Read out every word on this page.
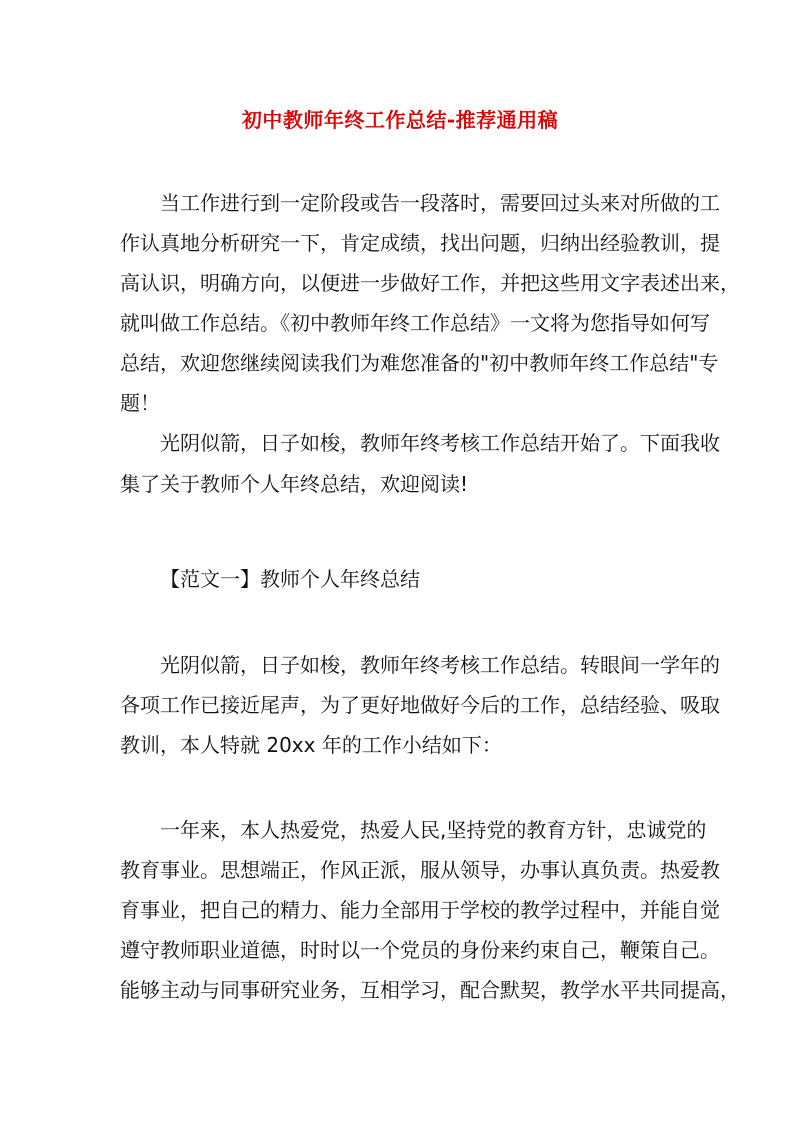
初中教师年终工作总结-推荐通用稿
当工作进行到一定阶段或告一段落时，需要回过头来对所做的工
作认真地分析研究一下，肯定成绩，找出问题，归纳出经验教训，提
高认识，明确方向，以便进一步做好工作，并把这些用文字表述出来，
就叫做工作总结。《初中教师年终工作总结》一文将为您指导如何写
总结，欢迎您继续阅读我们为难您准备的"初中教师年终工作总结"专
题！
光阴似箭，日子如梭，教师年终考核工作总结开始了。下面我收
集了关于教师个人年终总结，欢迎阅读!
【范文一】教师个人年终总结
光阴似箭，日子如梭，教师年终考核工作总结。转眼间一学年的
各项工作已接近尾声，为了更好地做好今后的工作，总结经验、吸取
教训，本人特就 20xx 年的工作小结如下：
一年来，本人热爱党，热爱人民,坚持党的教育方针，忠诚党的
教育事业。思想端正，作风正派，服从领导，办事认真负责。热爱教
育事业，把自己的精力、能力全部用于学校的教学过程中，并能自觉
遵守教师职业道德，时时以一个党员的身份来约束自己，鞭策自己。
能够主动与同事研究业务，互相学习，配合默契，教学水平共同提高，
